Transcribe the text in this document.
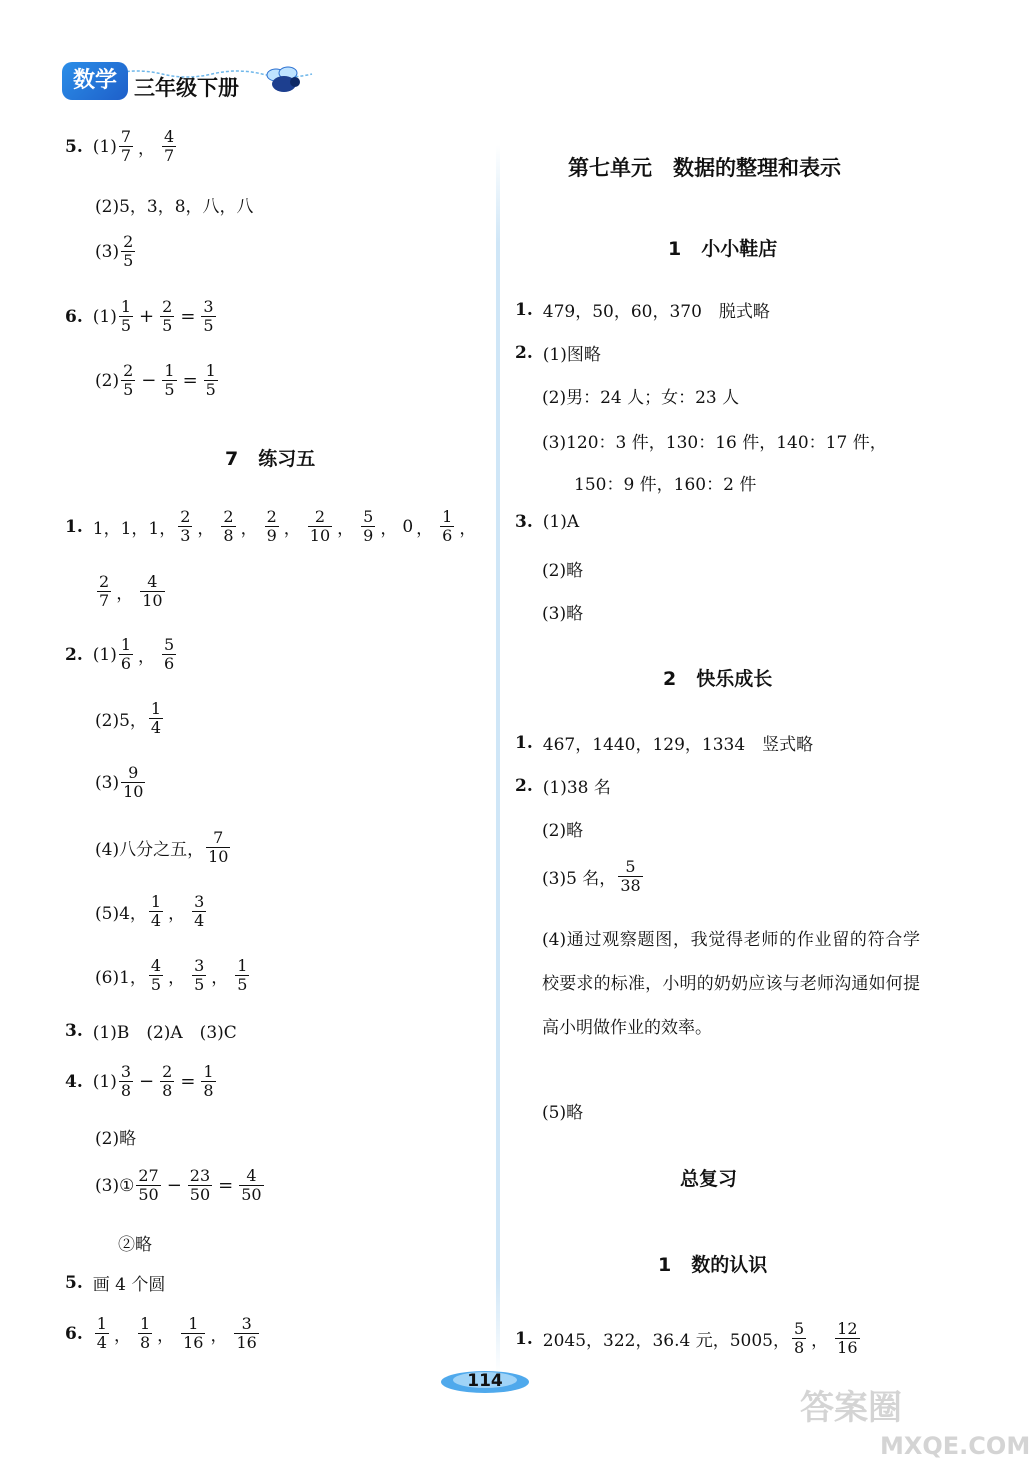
数学 三年级下册
5. $(1) \frac{7}{7}$ ， $\frac{4}{7}$
(2)5，3，8，八，八
$(3) \frac{2}{5}$
6. $(1) \frac{1}{5} + \frac{2}{5} = \frac{3}{5}$
$(2) \frac{2}{5} - \frac{1}{5} = \frac{1}{5}$
7 练习五
1. 1，1，1， $\frac{2}{3}$ ， $\frac{2}{8}$ ， $\frac{2}{9}$ ， $\frac{2}{10}$ ， $\frac{5}{9}$ ， 0 ， $\frac{1}{6}$ ，
$\frac{2}{7}$ ， $\frac{4}{10}$
2. $(1) \frac{1}{6}$ ， $\frac{5}{6}$
(2)5， $\frac{1}{4}$
$(3) \frac{9}{10}$
(4)八分之五， $\frac{7}{10}$
(5)4， $\frac{1}{4}$ ， $\frac{3}{4}$
(6)1， $\frac{4}{5}$ ， $\frac{3}{5}$ ， $\frac{1}{5}$
3. (1)B　(2)A　(3)C
4. $(1) \frac{3}{8} - \frac{2}{8} = \frac{1}{8}$
(2)略
(3)① $\frac{27}{50} - \frac{23}{50} = \frac{4}{50}$
②略
5. 画 4 个圆
6. $\frac{1}{4}$ ， $\frac{1}{8}$ ， $\frac{1}{16}$ ， $\frac{3}{16}$
第七单元　数据的整理和表示
1 小小鞋店
1. 479，50，60，370　脱式略
2. (1)图略
(2)男：24 人；女：23 人
(3)120：3 件，130：16 件，140：17 件，
150：9 件，160：2 件
3. (1)A
(2)略
(3)略
2 快乐成长
1. 467，1440，129，1334　竖式略
2. (1)38 名
(2)略
(3)5 名， $\frac{5}{38}$
(4)通过观察题图，我觉得老师的作业留的符合学校要求的标准，小明的奶奶应该与老师沟通如何提高小明做作业的效率。
(5)略
总复习
1 数的认识
1. 2045，322，36.4 元，5005， $\frac{5}{8}$ ， $\frac{12}{16}$
114
答案圈
MXQE.COM
